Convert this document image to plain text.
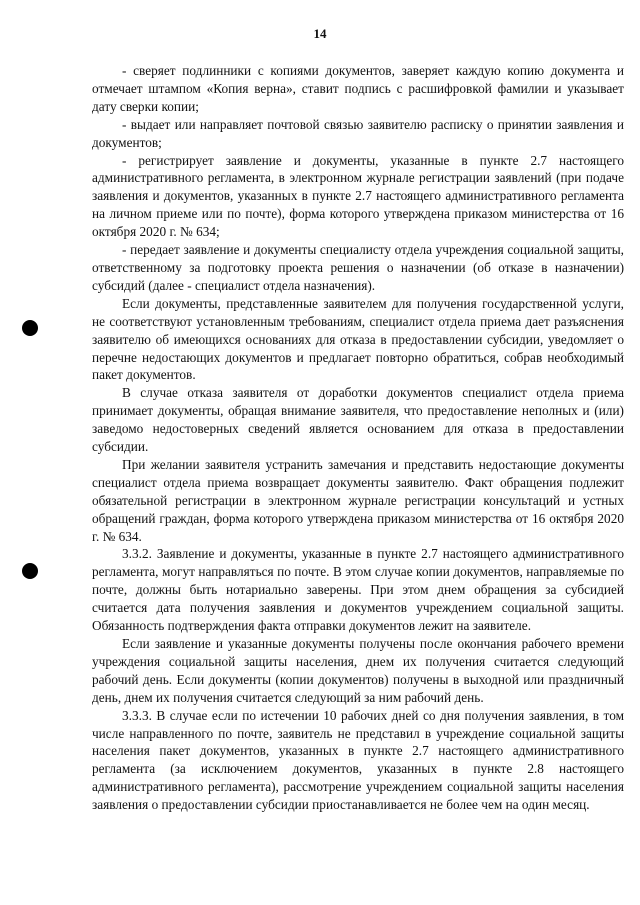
14

- сверяет подлинники с копиями документов, заверяет каждую копию документа и отмечает штампом «Копия верна», ставит подпись с расшифровкой фамилии и указывает дату сверки копии;

- выдает или направляет почтовой связью заявителю расписку о принятии заявления и документов;

- регистрирует заявление и документы, указанные в пункте 2.7 настоящего административного регламента, в электронном журнале регистрации заявлений (при подаче заявления и документов, указанных в пункте 2.7 настоящего административного регламента на личном приеме или по почте), форма которого утверждена приказом министерства от 16 октября 2020 г. № 634;

- передает заявление и документы специалисту отдела учреждения социальной защиты, ответственному за подготовку проекта решения о назначении (об отказе в назначении) субсидий (далее - специалист отдела назначения).

Если документы, представленные заявителем для получения государственной услуги, не соответствуют установленным требованиям, специалист отдела приема дает разъяснения заявителю об имеющихся основаниях для отказа в предоставлении субсидии, уведомляет о перечне недостающих документов и предлагает повторно обратиться, собрав необходимый пакет документов.

В случае отказа заявителя от доработки документов специалист отдела приема принимает документы, обращая внимание заявителя, что предоставление неполных и (или) заведомо недостоверных сведений является основанием для отказа в предоставлении субсидии.

При желании заявителя устранить замечания и представить недостающие документы специалист отдела приема возвращает документы заявителю. Факт обращения подлежит обязательной регистрации в электронном журнале регистрации консультаций и устных обращений граждан, форма которого утверждена приказом министерства от 16 октября 2020 г. № 634.

3.3.2. Заявление и документы, указанные в пункте 2.7 настоящего административного регламента, могут направляться по почте. В этом случае копии документов, направляемые по почте, должны быть нотариально заверены. При этом днем обращения за субсидией считается дата получения заявления и документов учреждением социальной защиты. Обязанность подтверждения факта отправки документов лежит на заявителе.

Если заявление и указанные документы получены после окончания рабочего времени учреждения социальной защиты населения, днем их получения считается следующий рабочий день. Если документы (копии документов) получены в выходной или праздничный день, днем их получения считается следующий за ним рабочий день.

3.3.3. В случае если по истечении 10 рабочих дней со дня получения заявления, в том числе направленного по почте, заявитель не представил в учреждение социальной защиты населения пакет документов, указанных в пункте 2.7 настоящего административного регламента (за исключением документов, указанных в пункте 2.8 настоящего административного регламента), рассмотрение учреждением социальной защиты населения заявления о предоставлении субсидии приостанавливается не более чем на один месяц.
